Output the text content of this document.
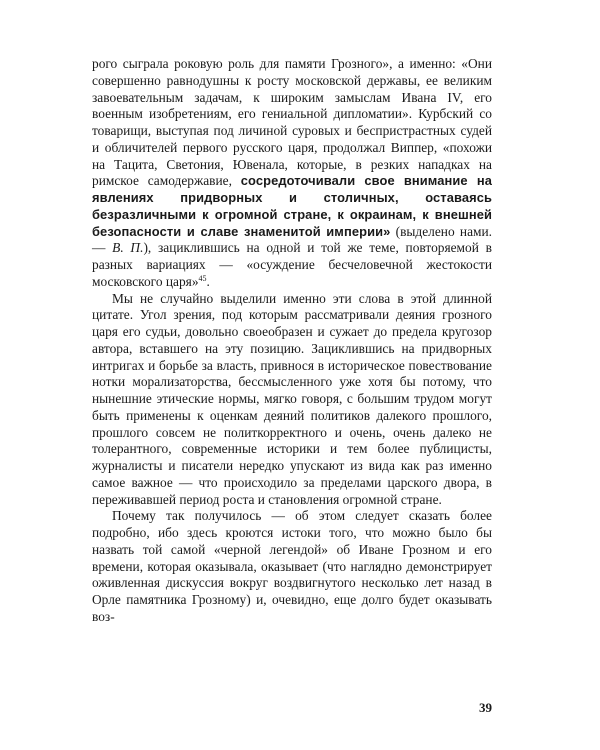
рого сыграла роковую роль для памяти Грозного», а именно: «Они совершенно равнодушны к росту московской державы, ее великим завоевательным задачам, к широким замыслам Ивана IV, его военным изобретениям, его гениальной дипломатии». Курбский со товарищи, выступая под личиной суровых и беспристрастных судей и обличителей первого русского царя, продолжал Виппер, «похожи на Тацита, Светония, Ювенала, которые, в резких нападках на римское самодержавие, сосредоточивали свое внимание на явлениях придворных и столичных, оставаясь безразличными к огромной стране, к окраинам, к внешней безопасности и славе знаменитой империи» (выделено нами. — В. П.), зациклившись на одной и той же теме, повторяемой в разных вариациях — «осуждение бесчеловечной жестокости московского царя»$^{45}$.

Мы не случайно выделили именно эти слова в этой длинной цитате. Угол зрения, под которым рассматривали деяния грозного царя его судьи, довольно своеобразен и сужает до предела кругозор автора, вставшего на эту позицию. Зациклившись на придворных интригах и борьбе за власть, привнося в историческое повествование нотки морализаторства, бессмысленного уже хотя бы потому, что нынешние этические нормы, мягко говоря, с большим трудом могут быть применены к оценкам деяний политиков далекого прошлого, прошлого совсем не политкорректного и очень, очень далеко не толерантного, современные историки и тем более публицисты, журналисты и писатели нередко упускают из вида как раз именно самое важное — что происходило за пределами царского двора, в переживавшей период роста и становления огромной стране.

Почему так получилось — об этом следует сказать более подробно, ибо здесь кроются истоки того, что можно было бы назвать той самой «черной легендой» об Иване Грозном и его времени, которая оказывала, оказывает (что наглядно демонстрирует оживленная дискуссия вокруг воздвигнутого несколько лет назад в Орле памятника Грозному) и, очевидно, еще долго будет оказывать воз-

39
